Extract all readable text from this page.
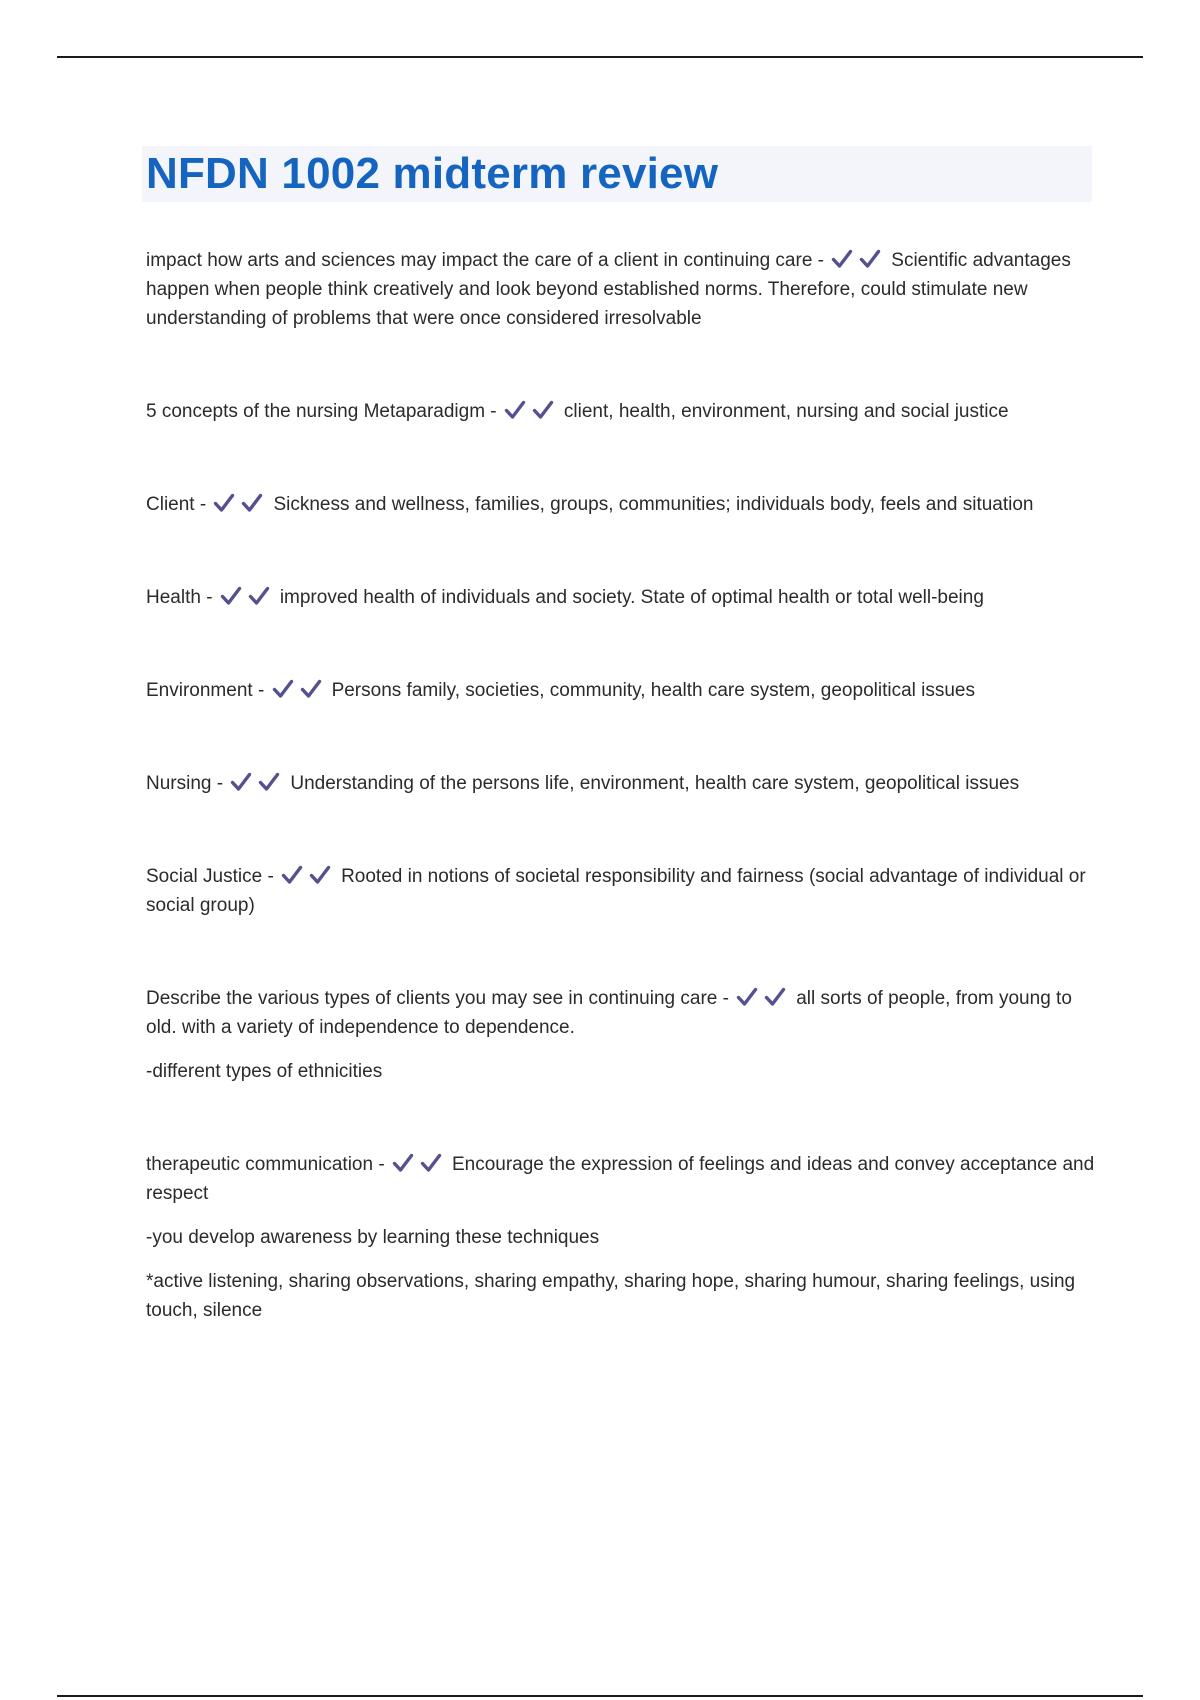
NFDN 1002 midterm review

impact how arts and sciences may impact the care of a client in continuing care -	Scientific advantages happen when people think creatively and look beyond established norms. Therefore, could stimulate new understanding of problems that were once considered irresolvable

5 concepts of the nursing Metaparadigm -	client, health, environment, nursing and social justice

Client -	Sickness and wellness, families, groups, communities; individuals body, feels and situation

Health -	improved health of individuals and society. State of optimal health or total well-being

Environment -	Persons family, societies, community, health care system, geopolitical issues

Nursing -	Understanding of the persons life, environment, health care system, geopolitical issues

Social Justice -	Rooted in notions of societal responsibility and fairness (social advantage of individual or social group)

Describe the various types of clients you may see in continuing care -	all sorts of people, from young to old. with a variety of independence to dependence.

-different types of ethnicities

therapeutic communication -	Encourage the expression of feelings and ideas and convey acceptance and respect

-you develop awareness by learning these techniques

*active listening, sharing observations, sharing empathy, sharing hope, sharing humour, sharing feelings, using touch, silence
